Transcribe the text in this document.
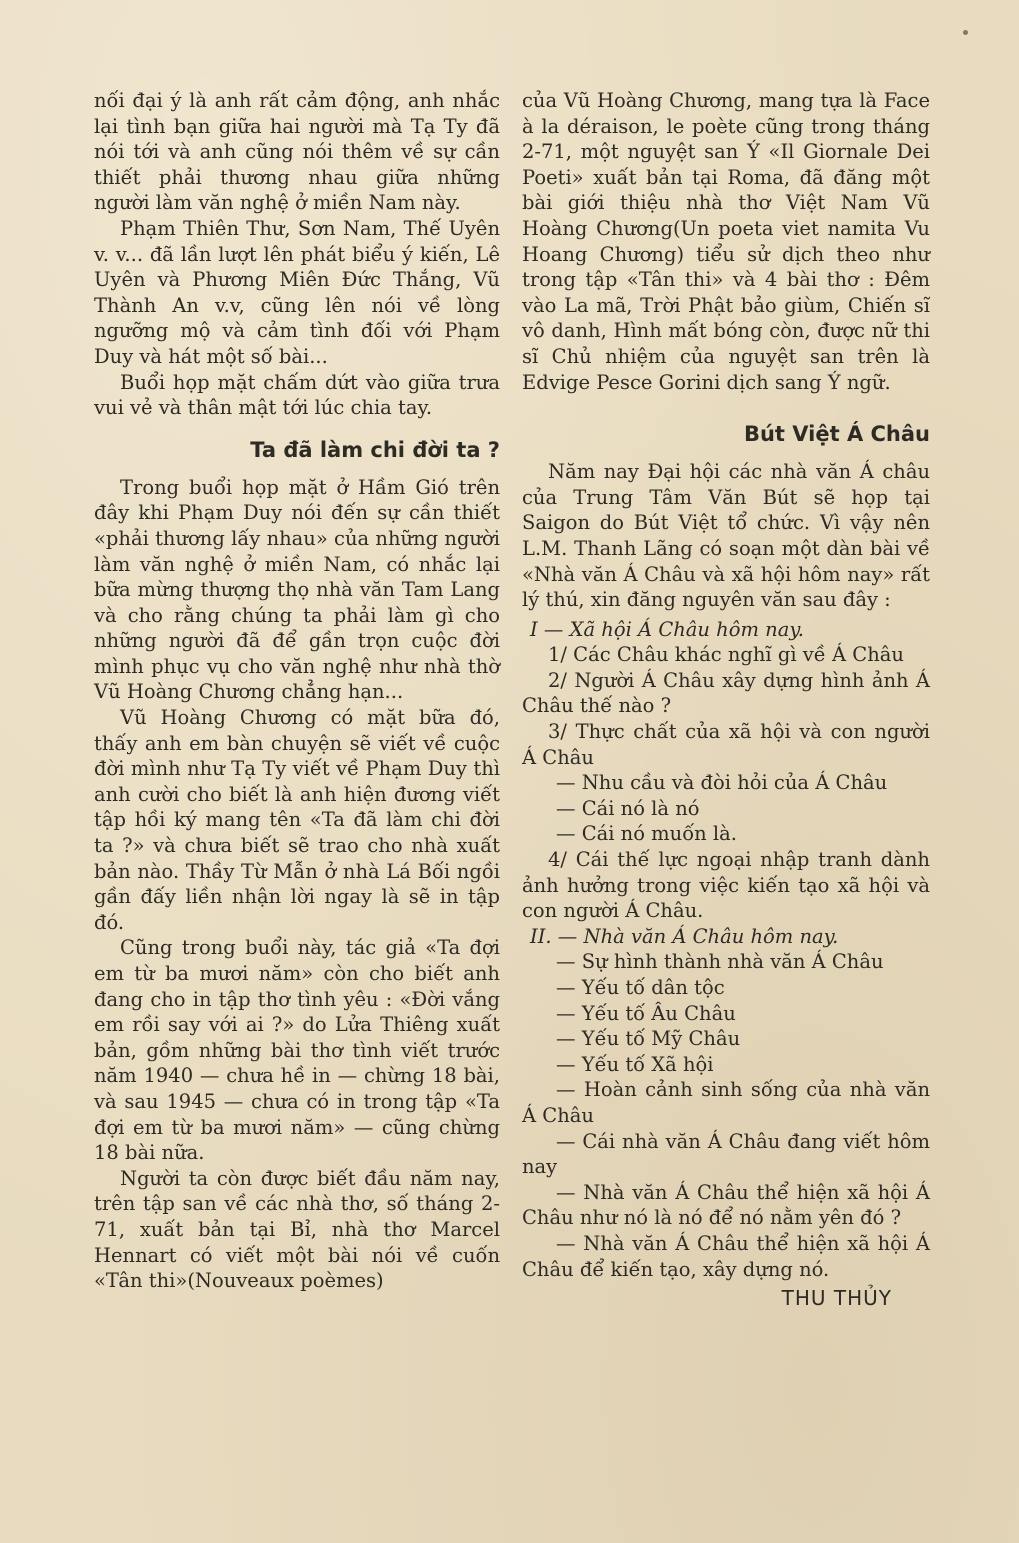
nối đại ý là anh rất cảm động, anh nhắc lại tình bạn giữa hai người mà Tạ Ty đã nói tới và anh cũng nói thêm về sự cần thiết phải thương nhau giữa những người làm văn nghệ ở miền Nam này.

Phạm Thiên Thư, Sơn Nam, Thế Uyên v. v... đã lần lượt lên phát biểu ý kiến, Lê Uyên và Phương Miên Đức Thắng, Vũ Thành An v.v, cũng lên nói về lòng ngưỡng mộ và cảm tình đối với Phạm Duy và hát một số bài...

Buổi họp mặt chấm dứt vào giữa trưa vui vẻ và thân mật tới lúc chia tay.

Ta đã làm chi đời ta ?

Trong buổi họp mặt ở Hầm Gió trên đây khi Phạm Duy nói đến sự cần thiết «phải thương lấy nhau» của những người làm văn nghệ ở miền Nam, có nhắc lại bữa mừng thượng thọ nhà văn Tam Lang và cho rằng chúng ta phải làm gì cho những người đã để gần trọn cuộc đời mình phục vụ cho văn nghệ như nhà thờ Vũ Hoàng Chương chẳng hạn...

Vũ Hoàng Chương có mặt bữa đó, thấy anh em bàn chuyện sẽ viết về cuộc đời mình như Tạ Ty viết về Phạm Duy thì anh cười cho biết là anh hiện đương viết tập hồi ký mang tên «Ta đã làm chi đời ta ?» và chưa biết sẽ trao cho nhà xuất bản nào. Thầy Từ Mẫn ở nhà Lá Bối ngồi gần đấy liền nhận lời ngay là sẽ in tập đó.

Cũng trong buổi này, tác giả «Ta đợi em từ ba mươi năm» còn cho biết anh đang cho in tập thơ tình yêu : «Đời vắng em rồi say với ai ?» do Lửa Thiêng xuất bản, gồm những bài thơ tình viết trước năm 1940 — chưa hề in — chừng 18 bài, và sau 1945 — chưa có in trong tập «Ta đợi em từ ba mươi năm» — cũng chừng 18 bài nữa.

Người ta còn được biết đầu năm nay, trên tập san về các nhà thơ, số tháng 2-71, xuất bản tại Bỉ, nhà thơ Marcel Hennart có viết một bài nói về cuốn «Tân thi»(Nouveaux poèmes)

của Vũ Hoàng Chương, mang tựa là Face à la déraison, le poète cũng trong tháng 2-71, một nguyệt san Ý «Il Giornale Dei Poeti» xuất bản tại Roma, đã đăng một bài giới thiệu nhà thơ Việt Nam Vũ Hoàng Chương(Un poeta viet namita Vu Hoang Chương) tiểu sử dịch theo như trong tập «Tân thi» và 4 bài thơ : Đêm vào La mã, Trời Phật bảo giùm, Chiến sĩ vô danh, Hình mất bóng còn, được nữ thi sĩ Chủ nhiệm của nguyệt san trên là Edvige Pesce Gorini dịch sang Ý ngữ.

Bút Việt Á Châu

Năm nay Đại hội các nhà văn Á châu của Trung Tâm Văn Bút sẽ họp tại Saigon do Bút Việt tổ chức. Vì vậy nên L.M. Thanh Lãng có soạn một dàn bài về «Nhà văn Á Châu và xã hội hôm nay» rất lý thú, xin đăng nguyên văn sau đây :

I — Xã hội Á Châu hôm nay.

1/ Các Châu khác nghĩ gì về Á Châu

2/ Người Á Châu xây dựng hình ảnh Á Châu thế nào ?

3/ Thực chất của xã hội và con người Á Châu

— Nhu cầu và đòi hỏi của Á Châu

— Cái nó là nó

— Cái nó muốn là.

4/ Cái thế lực ngoại nhập tranh dành ảnh hưởng trong việc kiến tạo xã hội và con người Á Châu.

II. — Nhà văn Á Châu hôm nay.

— Sự hình thành nhà văn Á Châu

— Yếu tố dân tộc

— Yếu tố Âu Châu

— Yếu tố Mỹ Châu

— Yếu tố Xã hội

— Hoàn cảnh sinh sống của nhà văn Á Châu

— Cái nhà văn Á Châu đang viết hôm nay

— Nhà văn Á Châu thể hiện xã hội Á Châu như nó là nó để nó nằm yên đó ?

— Nhà văn Á Châu thể hiện xã hội Á Châu để kiến tạo, xây dựng nó.

THU THỦY
